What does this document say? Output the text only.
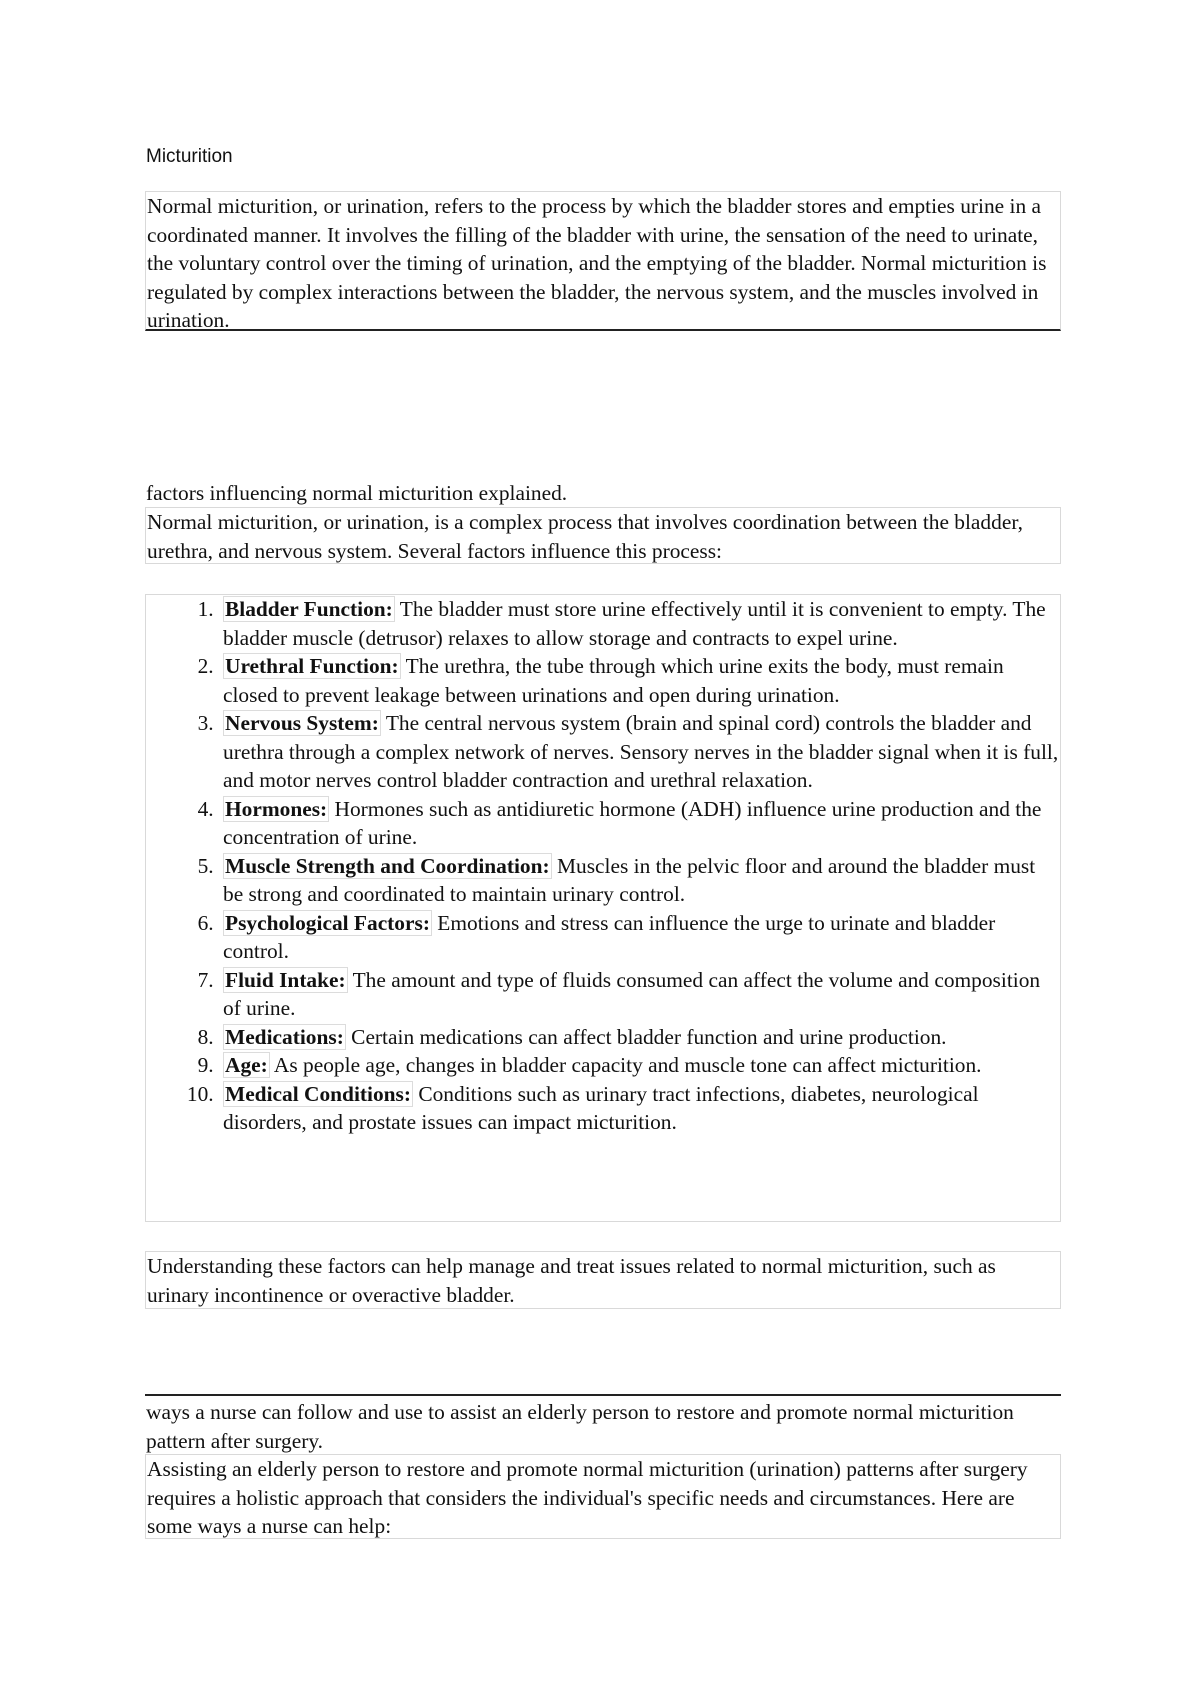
Micturition
Normal micturition, or urination, refers to the process by which the bladder stores and empties urine in a coordinated manner. It involves the filling of the bladder with urine, the sensation of the need to urinate, the voluntary control over the timing of urination, and the emptying of the bladder. Normal micturition is regulated by complex interactions between the bladder, the nervous system, and the muscles involved in urination.
factors influencing normal micturition explained.
Normal micturition, or urination, is a complex process that involves coordination between the bladder, urethra, and nervous system. Several factors influence this process:
1. Bladder Function: The bladder must store urine effectively until it is convenient to empty. The bladder muscle (detrusor) relaxes to allow storage and contracts to expel urine.
2. Urethral Function: The urethra, the tube through which urine exits the body, must remain closed to prevent leakage between urinations and open during urination.
3. Nervous System: The central nervous system (brain and spinal cord) controls the bladder and urethra through a complex network of nerves. Sensory nerves in the bladder signal when it is full, and motor nerves control bladder contraction and urethral relaxation.
4. Hormones: Hormones such as antidiuretic hormone (ADH) influence urine production and the concentration of urine.
5. Muscle Strength and Coordination: Muscles in the pelvic floor and around the bladder must be strong and coordinated to maintain urinary control.
6. Psychological Factors: Emotions and stress can influence the urge to urinate and bladder control.
7. Fluid Intake: The amount and type of fluids consumed can affect the volume and composition of urine.
8. Medications: Certain medications can affect bladder function and urine production.
9. Age: As people age, changes in bladder capacity and muscle tone can affect micturition.
10. Medical Conditions: Conditions such as urinary tract infections, diabetes, neurological disorders, and prostate issues can impact micturition.
Understanding these factors can help manage and treat issues related to normal micturition, such as urinary incontinence or overactive bladder.
ways a nurse can follow and use to assist an elderly person to restore and promote normal micturition pattern after surgery.
Assisting an elderly person to restore and promote normal micturition (urination) patterns after surgery requires a holistic approach that considers the individual's specific needs and circumstances. Here are some ways a nurse can help:
